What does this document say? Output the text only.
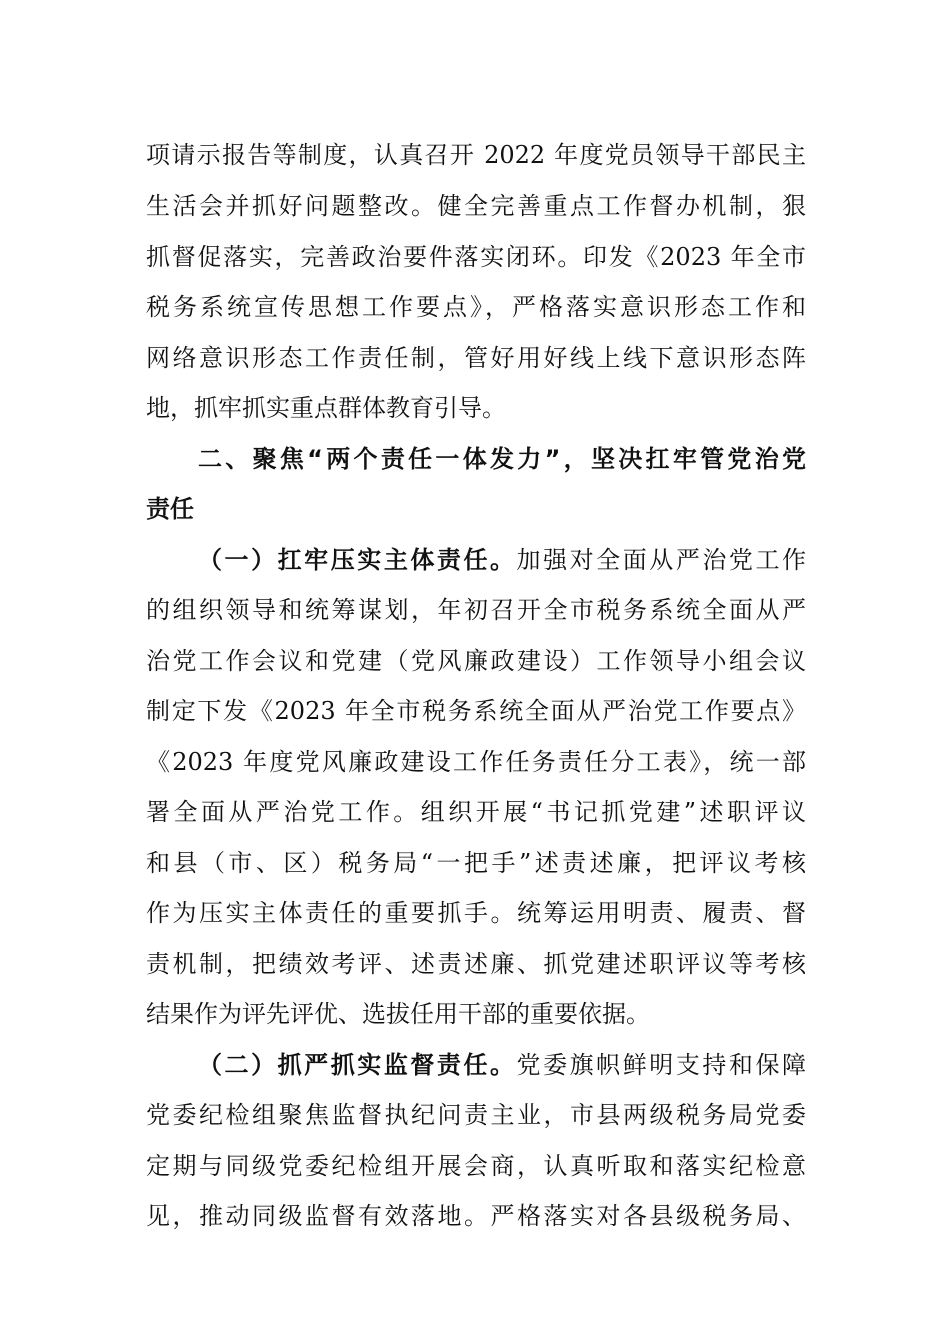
项请示报告等制度，认真召开 2022 年度党员领导干部民主
生活会并抓好问题整改。健全完善重点工作督办机制，狠
抓督促落实，完善政治要件落实闭环。印发《2023 年全市
税务系统宣传思想工作要点》，严格落实意识形态工作和
网络意识形态工作责任制，管好用好线上线下意识形态阵
地，抓牢抓实重点群体教育引导。
二、聚焦“两个责任一体发力”，坚决扛牢管党治党
责任
（一）扛牢压实主体责任。加强对全面从严治党工作
的组织领导和统筹谋划，年初召开全市税务系统全面从严
治党工作会议和党建（党风廉政建设）工作领导小组会议
制定下发《2023 年全市税务系统全面从严治党工作要点》
《2023 年度党风廉政建设工作任务责任分工表》，统一部
署全面从严治党工作。组织开展“书记抓党建”述职评议
和县（市、区）税务局“一把手”述责述廉，把评议考核
作为压实主体责任的重要抓手。统筹运用明责、履责、督
责机制，把绩效考评、述责述廉、抓党建述职评议等考核
结果作为评先评优、选拔任用干部的重要依据。
（二）抓严抓实监督责任。党委旗帜鲜明支持和保障
党委纪检组聚焦监督执纪问责主业，市县两级税务局党委
定期与同级党委纪检组开展会商，认真听取和落实纪检意
见，推动同级监督有效落地。严格落实对各县级税务局、
